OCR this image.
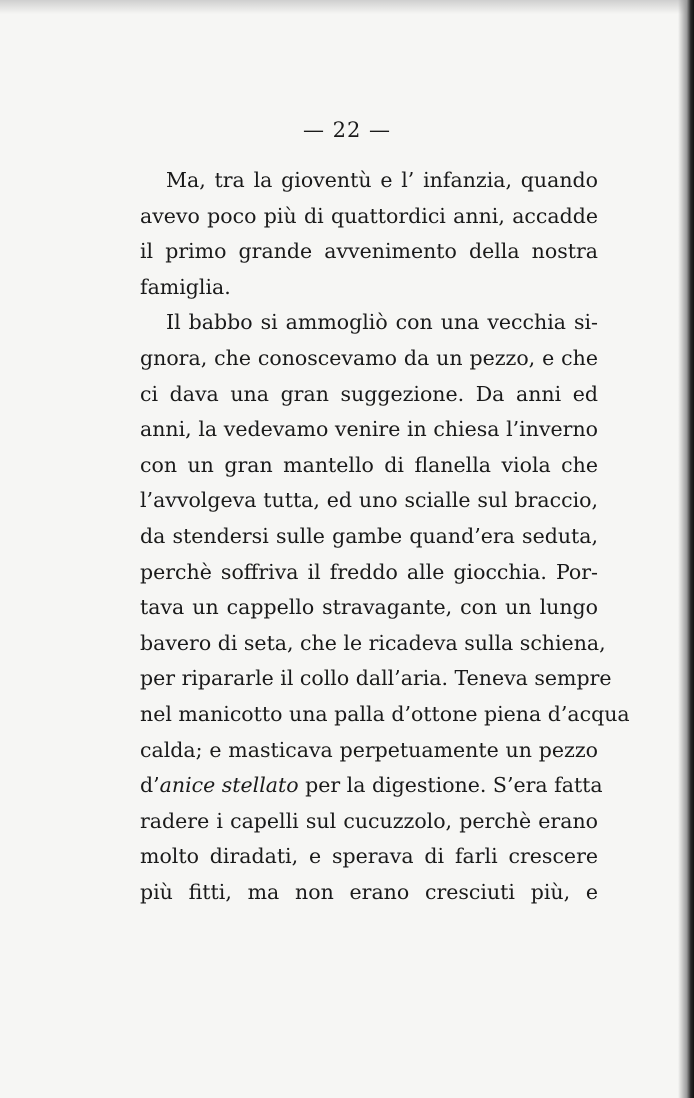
— 22 —
Ma, tra la gioventù e l’ infanzia, quando
avevo poco più di quattordici anni, accadde
il primo grande avvenimento della nostra
famiglia.
Il babbo si ammogliò con una vecchia si-
gnora, che conoscevamo da un pezzo, e che
ci dava una gran suggezione. Da anni ed
anni, la vedevamo venire in chiesa l’inverno
con un gran mantello di flanella viola che
l’avvolgeva tutta, ed uno scialle sul braccio,
da stendersi sulle gambe quand’era seduta,
perchè soffriva il freddo alle giocchia. Por-
tava un cappello stravagante, con un lungo
bavero di seta, che le ricadeva sulla schiena,
per ripararle il collo dall’aria. Teneva sempre
nel manicotto una palla d’ottone piena d’acqua
calda; e masticava perpetuamente un pezzo
d’anice stellato per la digestione. S’era fatta
radere i capelli sul cucuzzolo, perchè erano
molto diradati, e sperava di farli crescere
più fitti, ma non erano cresciuti più, e
